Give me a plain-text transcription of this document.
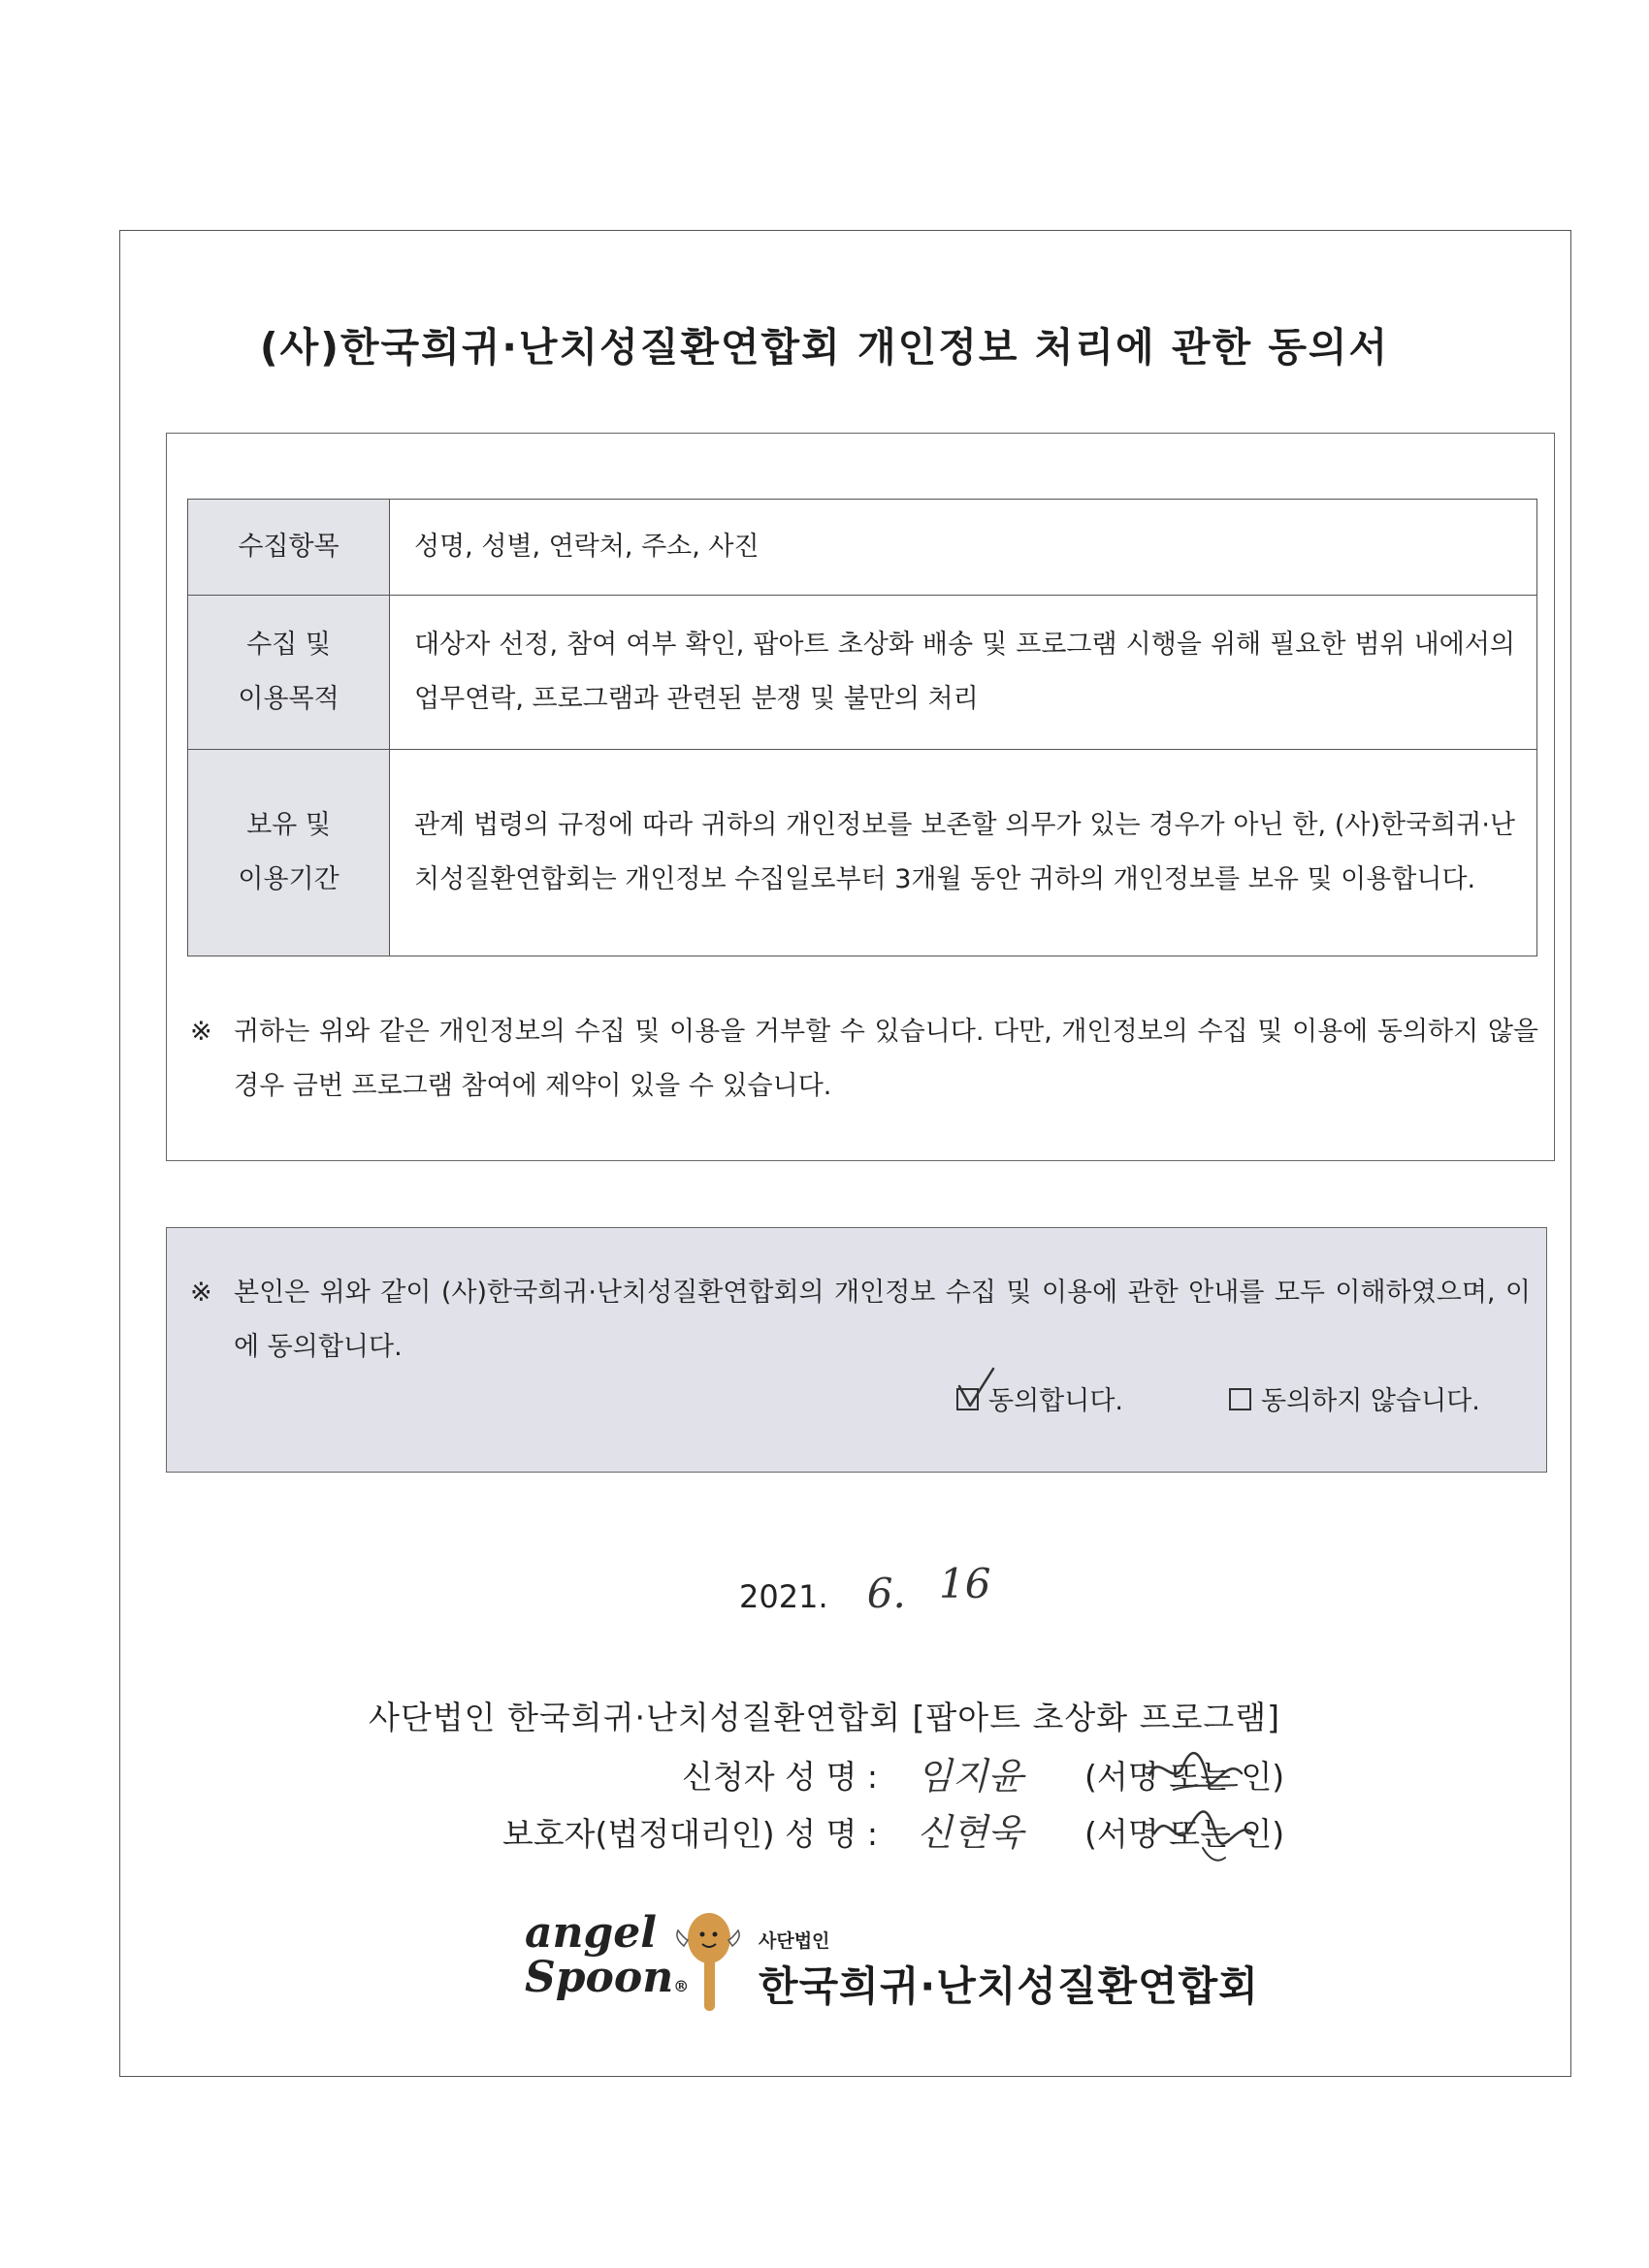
(사)한국희귀·난치성질환연합회 개인정보 처리에 관한 동의서
수집항목	성명, 성별, 연락처, 주소, 사진

수집 및
이용목적	대상자 선정, 참여 여부 확인, 팝아트 초상화 배송 및 프로그램 시행을 위해 필요한 범위 내에서의 업무연락, 프로그램과 관련된 분쟁 및 불만의 처리

보유 및
이용기간	관계 법령의 규정에 따라 귀하의 개인정보를 보존할 의무가 있는 경우가 아닌 한, (사)한국희귀·난치성질환연합회는 개인정보 수집일로부터 3개월 동안 귀하의 개인정보를 보유 및 이용합니다.
※ 귀하는 위와 같은 개인정보의 수집 및 이용을 거부할 수 있습니다. 다만, 개인정보의 수집 및 이용에 동의하지 않을 경우 금번 프로그램 참여에 제약이 있을 수 있습니다.
※ 본인은 위와 같이 (사)한국희귀·난치성질환연합회의 개인정보 수집 및 이용에 관한 안내를 모두 이해하였으며, 이에 동의합니다.
동의합니다.	동의하지 않습니다.
2021. 6. 16
사단법인 한국희귀·난치성질환연합회 [팝아트 초상화 프로그램]
신청자 성 명 : 임지윤 (서명 또는 인)
보호자(법정대리인) 성 명 : 신현욱 (서명 또는 인)
angel
Spoon®
사단법인
한국희귀·난치성질환연합회
